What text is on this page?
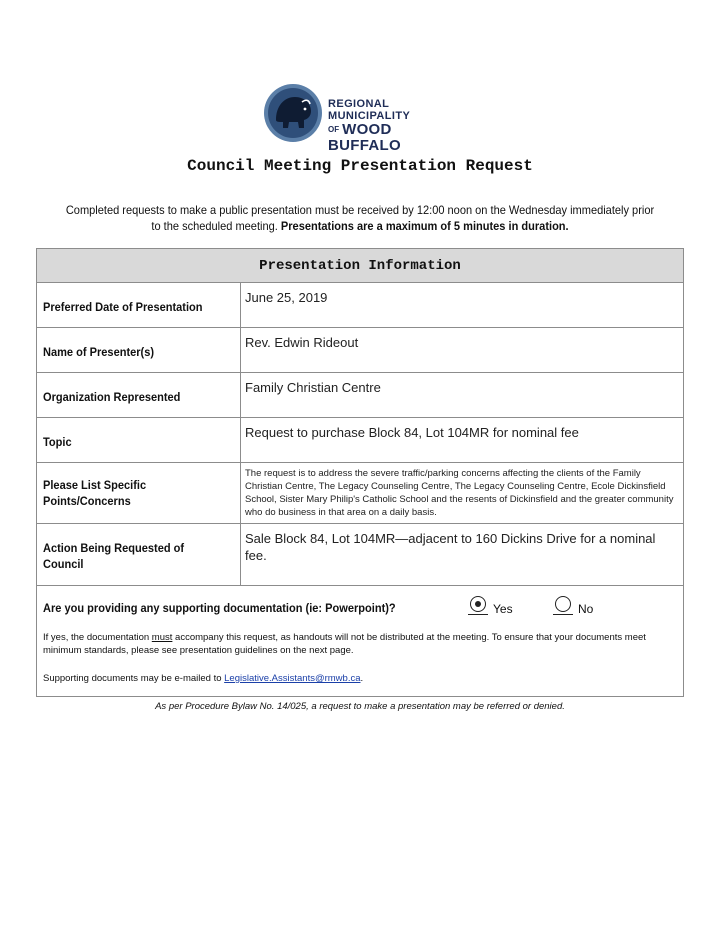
REGIONAL MUNICIPALITY
OF WOOD BUFFALO
Council Meeting Presentation Request
Completed requests to make a public presentation must be received by 12:00 noon on the Wednesday immediately prior to the scheduled meeting. Presentations are a maximum of 5 minutes in duration.
Presentation Information
Preferred Date of Presentation
June 25, 2019
Name of Presenter(s)
Rev. Edwin Rideout
Organization Represented
Family Christian Centre
Topic
Request to purchase Block 84, Lot 104MR for nominal fee
Please List Specific
Points/Concerns
The request is to address the severe traffic/parking concerns affecting the clients of the Family Christian Centre, The Legacy Counseling Centre, The Legacy Counseling Centre, Ecole Dickinsfield School, Sister Mary Philip's Catholic School and the resents of Dickinsfield and the greater community who do business in that area on a daily basis.
Action Being Requested of
Council
Sale Block 84, Lot 104MR—adjacent to 160 Dickins Drive for a nominal fee.
Are you providing any supporting documentation (ie: Powerpoint)?	Yes	No
If yes, the documentation must accompany this request, as handouts will not be distributed at the meeting. To ensure that your documents meet minimum standards, please see presentation guidelines on the next page.
Supporting documents may be e-mailed to Legislative.Assistants@rmwb.ca.
As per Procedure Bylaw No. 14/025, a request to make a presentation may be referred or denied.
